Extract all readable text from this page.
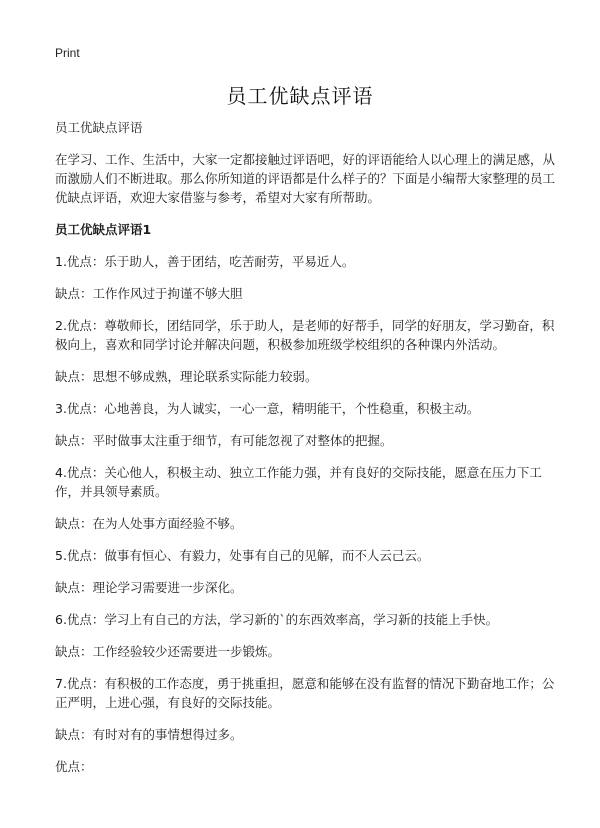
Print
员工优缺点评语

员工优缺点评语

在学习、工作、生活中，大家一定都接触过评语吧，好的评语能给人以心理上的满足感，从而激励人们不断进取。那么你所知道的评语都是什么样子的？下面是小编帮大家整理的员工优缺点评语，欢迎大家借鉴与参考，希望对大家有所帮助。

员工优缺点评语1

1.优点：乐于助人，善于团结，吃苦耐劳，平易近人。

缺点：工作作风过于拘谨不够大胆

2.优点：尊敬师长，团结同学，乐于助人，是老师的好帮手，同学的好朋友，学习勤奋，积极向上，喜欢和同学讨论并解决问题，积极参加班级学校组织的各种课内外活动。

缺点：思想不够成熟，理论联系实际能力较弱。

3.优点：心地善良，为人诚实，一心一意，精明能干，个性稳重，积极主动。

缺点：平时做事太注重于细节，有可能忽视了对整体的把握。

4.优点：关心他人，积极主动、独立工作能力强，并有良好的交际技能，愿意在压力下工作，并具领导素质。

缺点：在为人处事方面经验不够。

5.优点：做事有恒心、有毅力，处事有自己的见解，而不人云己云。

缺点：理论学习需要进一步深化。

6.优点：学习上有自己的方法，学习新的`的东西效率高，学习新的技能上手快。

缺点：工作经验较少还需要进一步锻炼。

7.优点：有积极的工作态度，勇于挑重担，愿意和能够在没有监督的情况下勤奋地工作；公正严明，上进心强，有良好的交际技能。

缺点：有时对有的事情想得过多。

优点：
